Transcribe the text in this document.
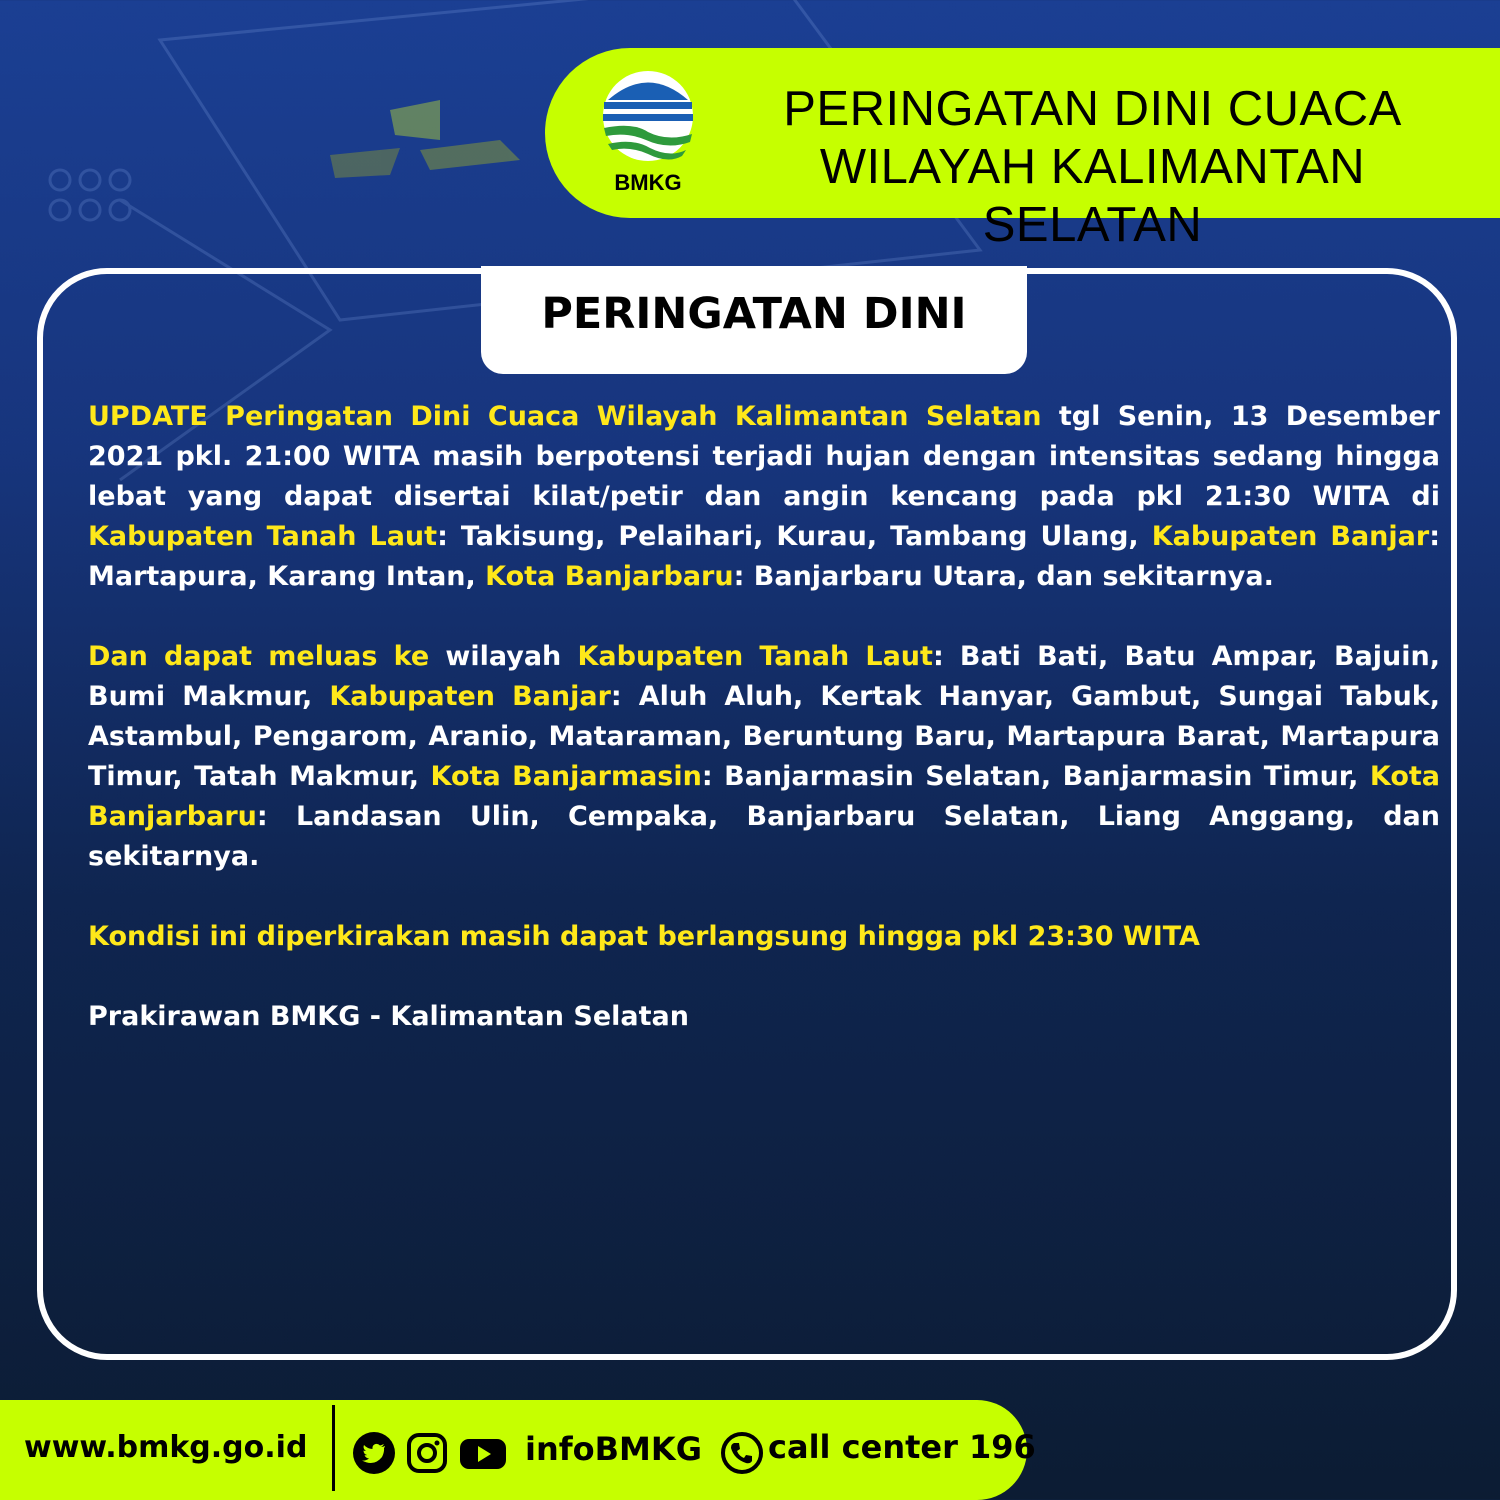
BMKG
PERINGATAN DINI CUACA
WILAYAH KALIMANTAN SELATAN
PERINGATAN DINI

UPDATE Peringatan Dini Cuaca Wilayah Kalimantan Selatan tgl Senin, 13 Desember 2021 pkl. 21:00 WITA masih berpotensi terjadi hujan dengan intensitas sedang hingga lebat yang dapat disertai kilat/petir dan angin kencang pada pkl 21:30 WITA di Kabupaten Tanah Laut: Takisung, Pelaihari, Kurau, Tambang Ulang, Kabupaten Banjar: Martapura, Karang Intan, Kota Banjarbaru: Banjarbaru Utara, dan sekitarnya.

Dan dapat meluas ke wilayah Kabupaten Tanah Laut: Bati Bati, Batu Ampar, Bajuin, Bumi Makmur, Kabupaten Banjar: Aluh Aluh, Kertak Hanyar, Gambut, Sungai Tabuk, Astambul, Pengarom, Aranio, Mataraman, Beruntung Baru, Martapura Barat, Martapura Timur, Tatah Makmur, Kota Banjarmasin: Banjarmasin Selatan, Banjarmasin Timur, Kota Banjarbaru: Landasan Ulin, Cempaka, Banjarbaru Selatan, Liang Anggang, dan sekitarnya.

Kondisi ini diperkirakan masih dapat berlangsung hingga pkl 23:30 WITA

Prakirawan BMKG - Kalimantan Selatan

www.bmkg.go.id	infoBMKG call center 196
